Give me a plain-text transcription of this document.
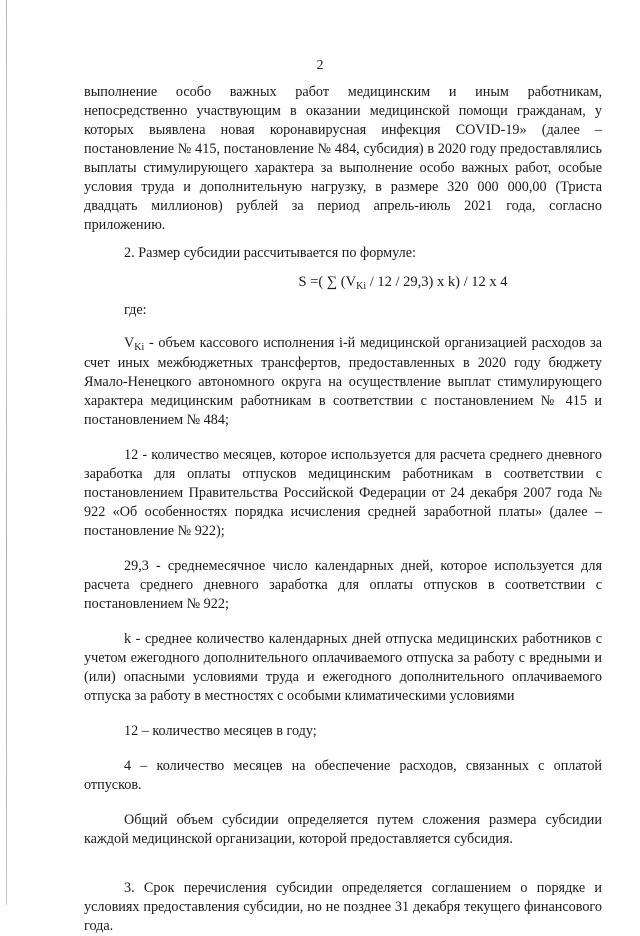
2

выполнение особо важных работ медицинским и иным работникам, непосредственно участвующим в оказании медицинской помощи гражданам, у которых выявлена новая коронавирусная инфекция COVID-19» (далее – постановление № 415, постановление № 484, субсидия) в 2020 году предоставлялись выплаты стимулирующего характера за выполнение особо важных работ, особые условия труда и дополнительную нагрузку, в размере 320 000 000,00 (Триста двадцать миллионов) рублей за период апрель-июль 2021 года, согласно приложению.

2. Размер субсидии рассчитывается по формуле:

S =( ∑ $(V_{Ki} / 12 / 29,3)$ x k) / 12 x 4

где:

$V_{Ki}$ - объем кассового исполнения i-й медицинской организацией расходов за счет иных межбюджетных трансфертов, предоставленных в 2020 году бюджету Ямало-Ненецкого автономного округа на осуществление выплат стимулирующего характера медицинским работникам в соответствии с постановлением № 415 и постановлением № 484;

12 - количество месяцев, которое используется для расчета среднего дневного заработка для оплаты отпусков медицинским работникам в соответствии с постановлением Правительства Российской Федерации от 24 декабря 2007 года № 922 «Об особенностях порядка исчисления средней заработной платы» (далее – постановление № 922);

29,3 - среднемесячное число календарных дней, которое используется для расчета среднего дневного заработка для оплаты отпусков в соответствии с постановлением № 922;

k - среднее количество календарных дней отпуска медицинских работников с учетом ежегодного дополнительного оплачиваемого отпуска за работу с вредными и (или) опасными условиями труда и ежегодного дополнительного оплачиваемого отпуска за работу в местностях с особыми климатическими условиями

12 – количество месяцев в году;

4 – количество месяцев на обеспечение расходов, связанных с оплатой отпусков.

Общий объем субсидии определяется путем сложения размера субсидии каждой медицинской организации, которой предоставляется субсидия.

3. Срок перечисления субсидии определяется соглашением о порядке и условиях предоставления субсидии, но не позднее 31 декабря текущего финансового года.
